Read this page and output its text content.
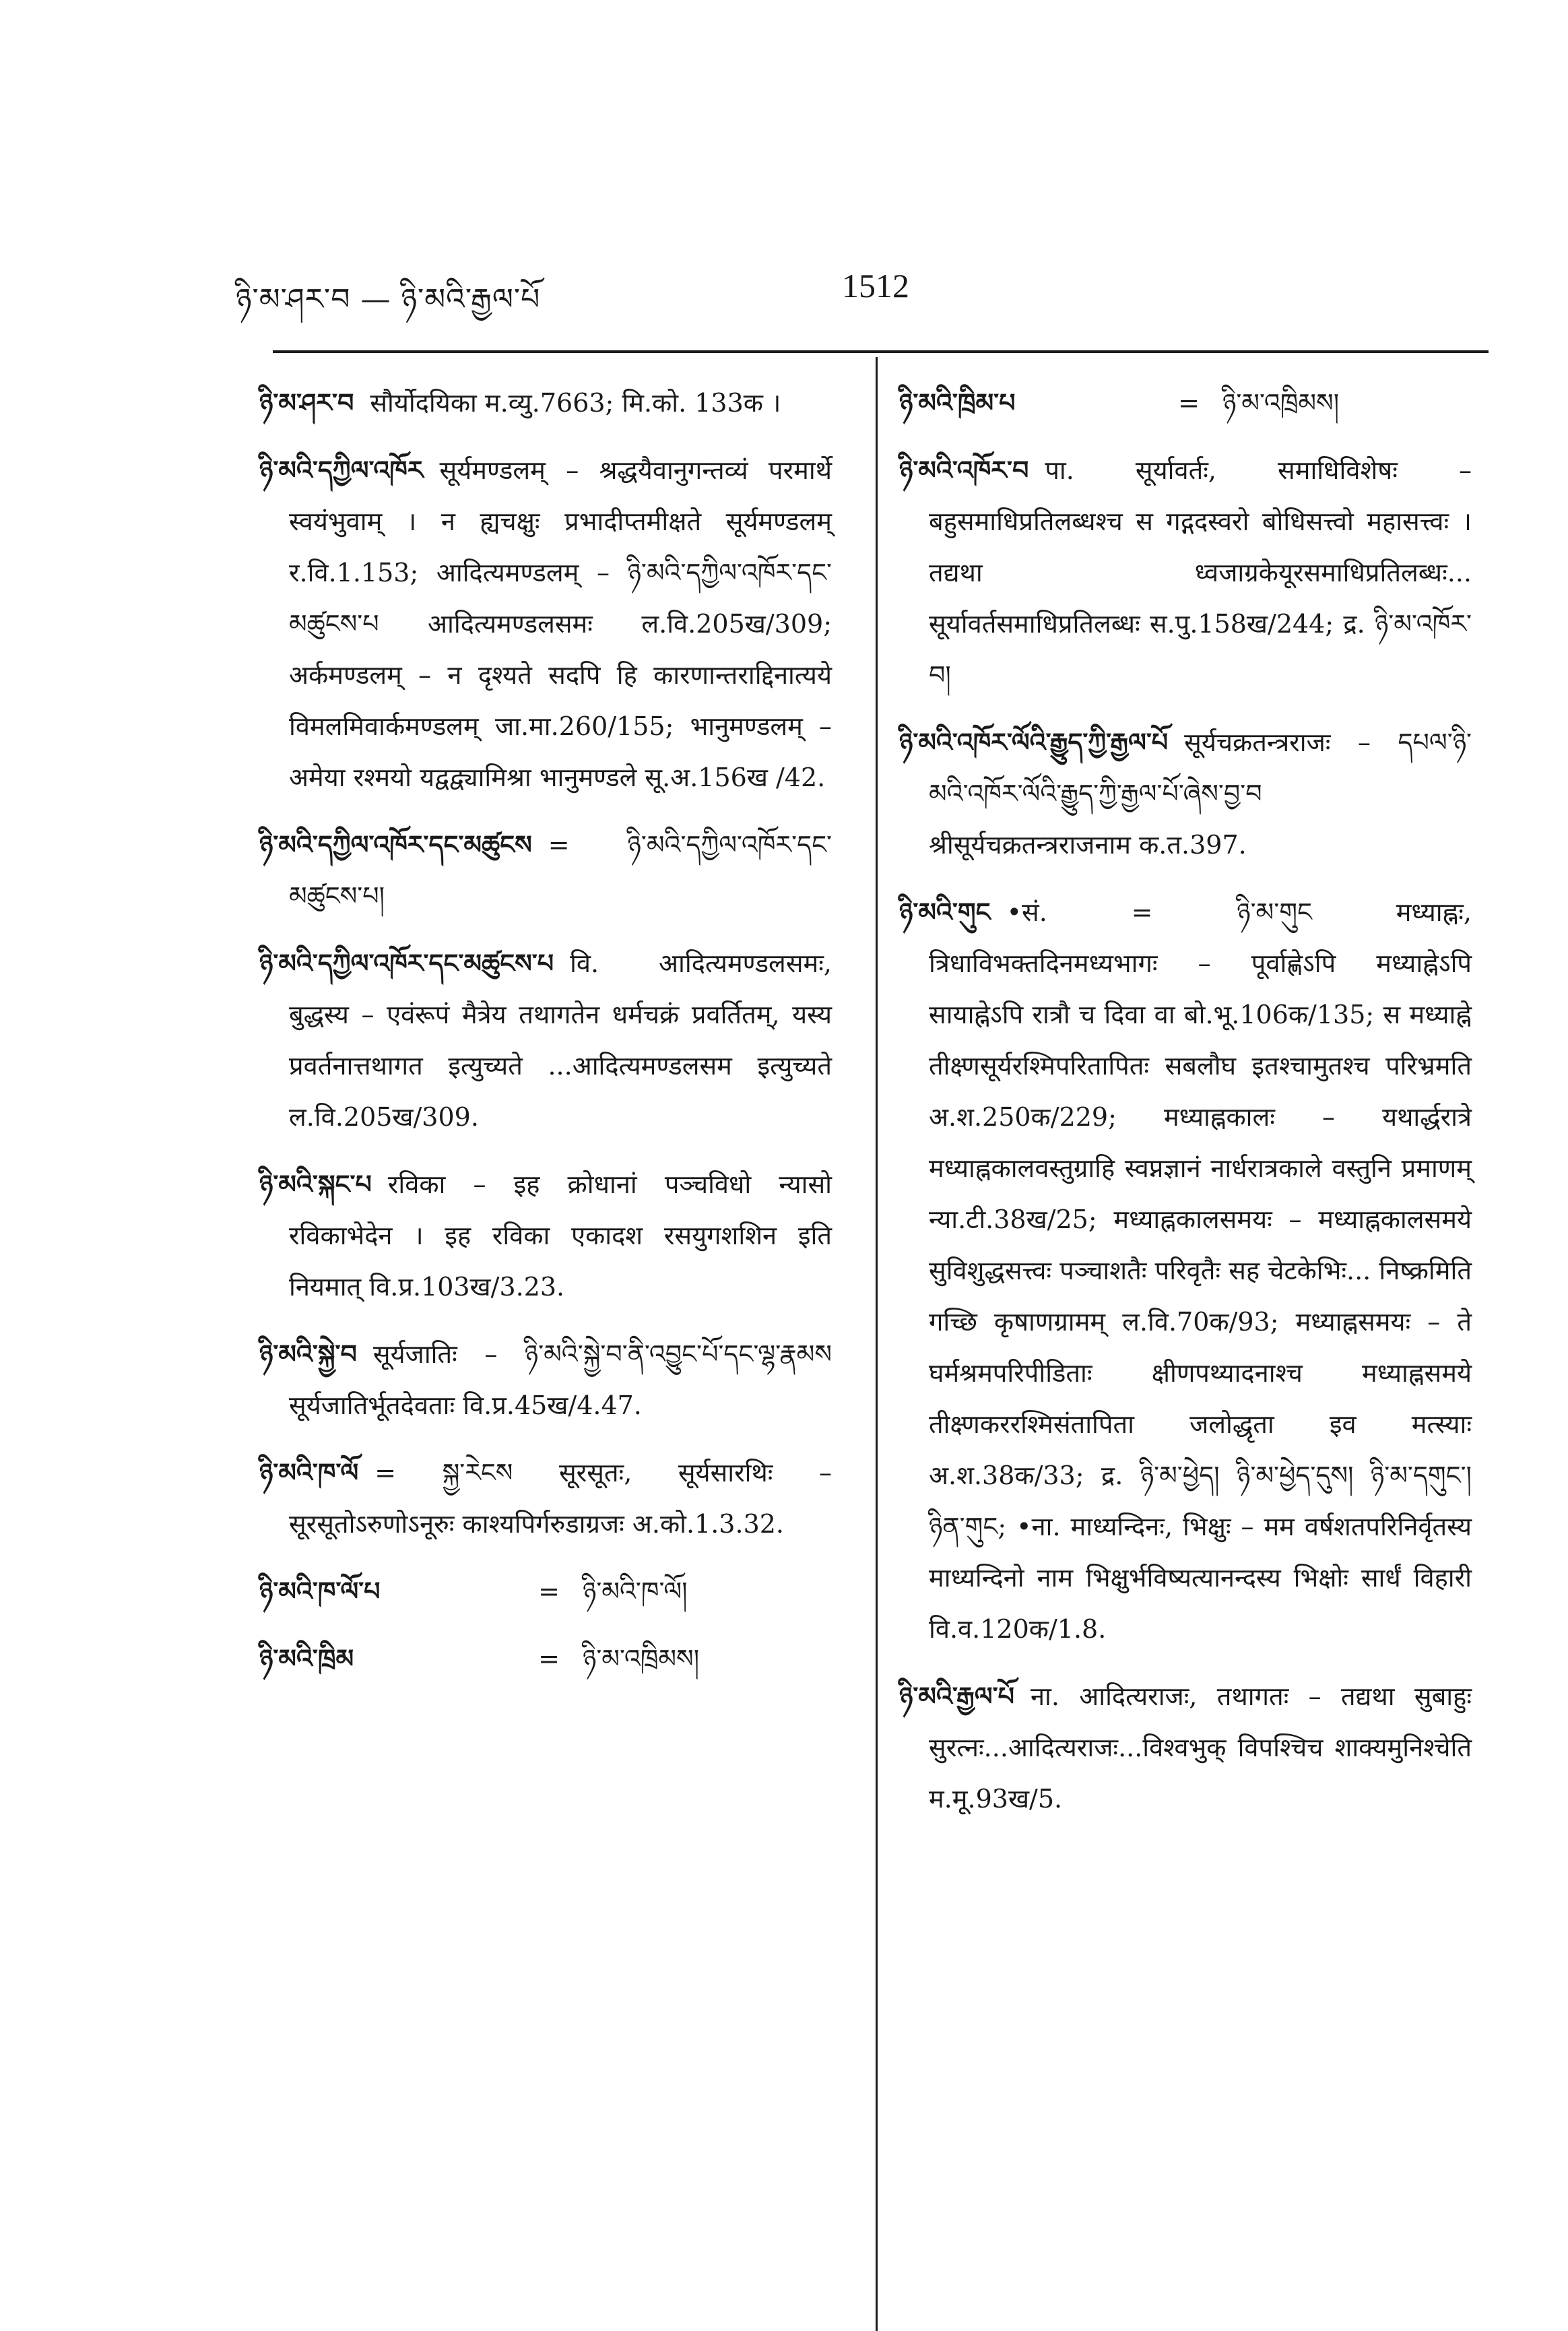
ཉི་མ་ཤར་བ — ཉི་མའི་རྒྱལ་པོ	1512
ཉི་མ་ཤར་བ सौर्योदयिका म.व्यु.7663; मि.को. 133क ।
ཉི་མའི་དཀྱིལ་འཁོར सूर्यमण्डलम् – श्रद्धयैवानुगन्तव्यं परमार्थे स्वयंभुवाम् । न ह्यचक्षुः प्रभादीप्तमीक्षते सूर्यमण्डलम् र.वि.1.153; आदित्यमण्डलम् – ཉི་མའི་དཀྱིལ་འཁོར་དང་མཚུངས་པ आदित्यमण्डलसमः ल.वि.205ख/309; अर्कमण्डलम् – न दृश्यते सदपि हि कारणान्तराद्दिनात्यये विमलमिवार्कमण्डलम् जा.मा.260/155; भानुमण्डलम् – अमेया रश्मयो यद्वद्व्यामिश्रा भानुमण्डले सू.अ.156ख /42.
ཉི་མའི་དཀྱིལ་འཁོར་དང་མཚུངས = ཉི་མའི་དཀྱིལ་འཁོར་དང་མཚུངས་པ།
ཉི་མའི་དཀྱིལ་འཁོར་དང་མཚུངས་པ वि. आदित्यमण्डलसमः, बुद्धस्य – एवंरूपं मैत्रेय तथागतेन धर्मचक्रं प्रवर्तितम्, यस्य प्रवर्तनात्तथागत इत्युच्यते ...आदित्यमण्डलसम इत्युच्यते ल.वि.205ख/309.
ཉི་མའི་སྐང་པ रविका – इह क्रोधानां पञ्चविधो न्यासो रविकाभेदेन । इह रविका एकादश रसयुगशशिन इति नियमात् वि.प्र.103ख/3.23.
ཉི་མའི་སྐྱེ་བ सूर्यजातिः – ཉི་མའི་སྐྱེ་བ་ནི་འབྱུང་པོ་དང་ལྷ་རྣམས सूर्यजातिर्भूतदेवताः वि.प्र.45ख/4.47.
ཉི་མའི་ཁ་ལོ = སྐྱ་རེངས सूरसूतः, सूर्यसारथिः – सूरसूतोऽरुणोऽनूरुः काश्यपिर्गरुडाग्रजः अ.को.1.3.32.
ཉི་མའི་ཁ་ལོ་པ	= ཉི་མའི་ཁ་ལོ།
ཉི་མའི་ཁྲིམ	= ཉི་མ་འཁྲིམས།
ཉི་མའི་ཁྲིམ་པ	= ཉི་མ་འཁྲིམས།
ཉི་མའི་འཁོར་བ पा. सूर्यावर्तः, समाधिविशेषः – बहुसमाधिप्रतिलब्धश्च स गद्गदस्वरो बोधिसत्त्वो महासत्त्वः । तद्यथा ध्वजाग्रकेयूरसमाधिप्रतिलब्धः... सूर्यावर्तसमाधिप्रतिलब्धः स.पु.158ख/244; द्र. ཉི་མ་འཁོར་བ།
ཉི་མའི་འཁོར་ལོའི་རྒྱུད་ཀྱི་རྒྱལ་པོ सूर्यचक्रतन्त्रराजः – དཔལ་ཉི་མའི་འཁོར་ལོའི་རྒྱུད་ཀྱི་རྒྱལ་པོ་ཞེས་བྱ་བ श्रीसूर्यचक्रतन्त्रराजनाम क.त.397.
ཉི་མའི་གུང •सं. = ཉི་མ་གུང मध्याह्नः, त्रिधाविभक्तदिनमध्यभागः – पूर्वाह्णेऽपि मध्याह्नेऽपि सायाह्नेऽपि रात्रौ च दिवा वा बो.भू.106क/135; स मध्याह्ने तीक्ष्णसूर्यरश्मिपरितापितः सबलौघ इतश्चामुतश्च परिभ्रमति अ.श.250क/229; मध्याह्नकालः – यथार्द्धरात्रे मध्याह्नकालवस्तुग्राहि स्वप्नज्ञानं नार्धरात्रकाले वस्तुनि प्रमाणम् न्या.टी.38ख/25; मध्याह्नकालसमयः – मध्याह्नकालसमये सुविशुद्धसत्त्वः पञ्चाशतैः परिवृतैः सह चेटकेभिः... निष्क्रमिति गच्छि कृषाणग्रामम् ल.वि.70क/93; मध्याह्नसमयः – ते घर्मश्रमपरिपीडिताः क्षीणपथ्यादनाश्च मध्याह्नसमये तीक्ष्णकररश्मिसंतापिता जलोद्धृता इव मत्स्याः अ.श.38क/33; द्र. ཉི་མ་ཕྱེད། ཉི་མ་ཕྱེད་དུས། ཉི་མ་དགུང་། ཉིན་གུང; •ना. माध्यन्दिनः, भिक्षुः – मम वर्षशतपरिनिर्वृतस्य माध्यन्दिनो नाम भिक्षुर्भविष्यत्यानन्दस्य भिक्षोः सार्धं विहारी वि.व.120क/1.8.
ཉི་མའི་རྒྱལ་པོ ना. आदित्यराजः, तथागतः – तद्यथा सुबाहुः सुरत्नः...आदित्यराजः...विश्वभुक् विपश्चिच शाक्यमुनिश्चेति म.मू.93ख/5.
